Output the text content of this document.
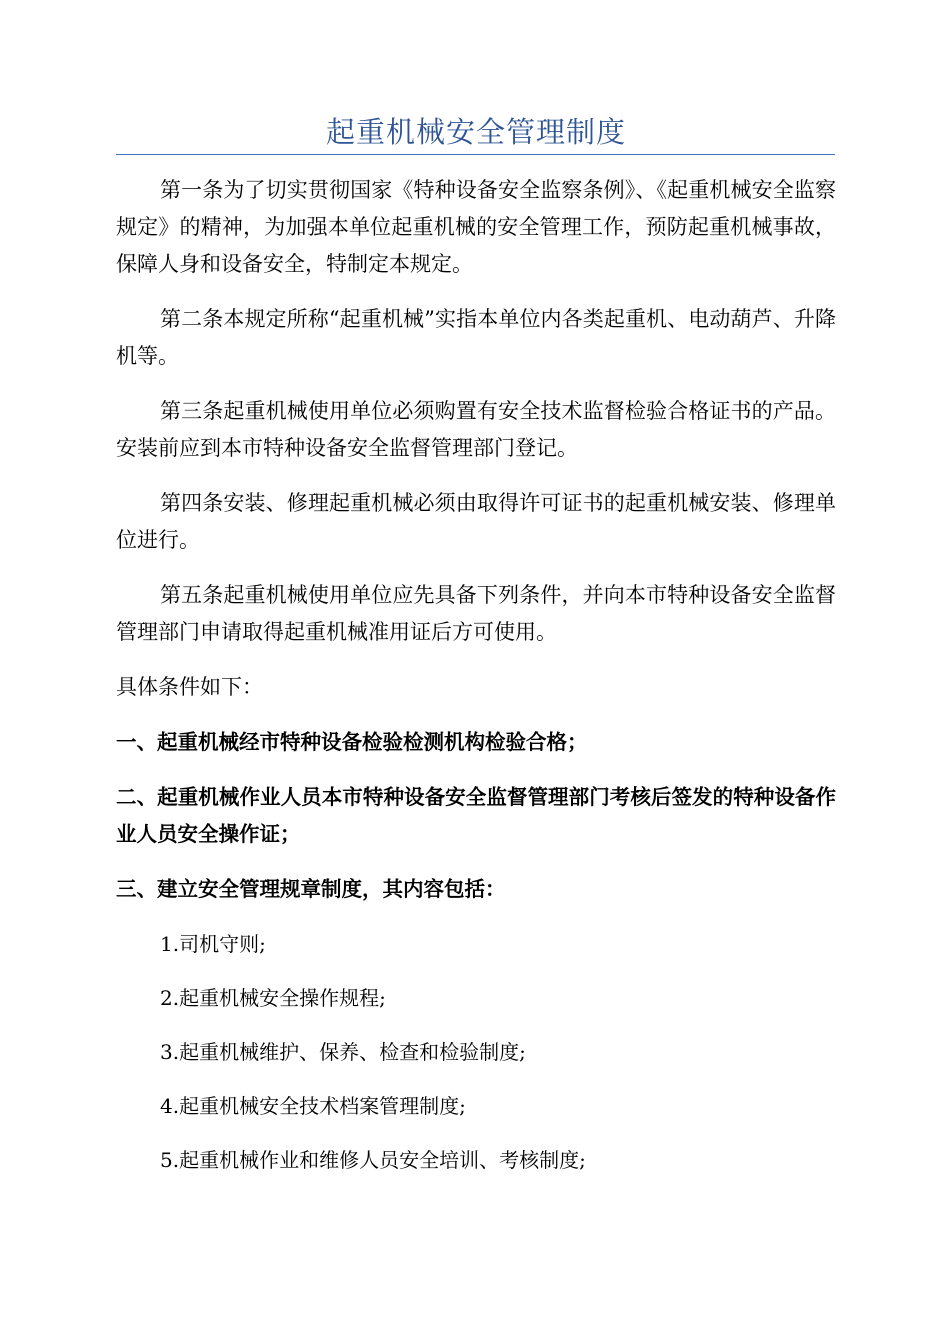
起重机械安全管理制度

第一条为了切实贯彻国家《特种设备安全监察条例》、《起重机械安全监察规定》的精神，为加强本单位起重机械的安全管理工作，预防起重机械事故，保障人身和设备安全，特制定本规定。

第二条本规定所称“起重机械”实指本单位内各类起重机、电动葫芦、升降机等。

第三条起重机械使用单位必须购置有安全技术监督检验合格证书的产品。安装前应到本市特种设备安全监督管理部门登记。

第四条安装、修理起重机械必须由取得许可证书的起重机械安装、修理单位进行。

第五条起重机械使用单位应先具备下列条件，并向本市特种设备安全监督管理部门申请取得起重机械准用证后方可使用。

具体条件如下：

一、起重机械经市特种设备检验检测机构检验合格；

二、起重机械作业人员本市特种设备安全监督管理部门考核后签发的特种设备作业人员安全操作证；

三、建立安全管理规章制度，其内容包括：

1.司机守则;

2.起重机械安全操作规程;

3.起重机械维护、保养、检查和检验制度;

4.起重机械安全技术档案管理制度;

5.起重机械作业和维修人员安全培训、考核制度;
